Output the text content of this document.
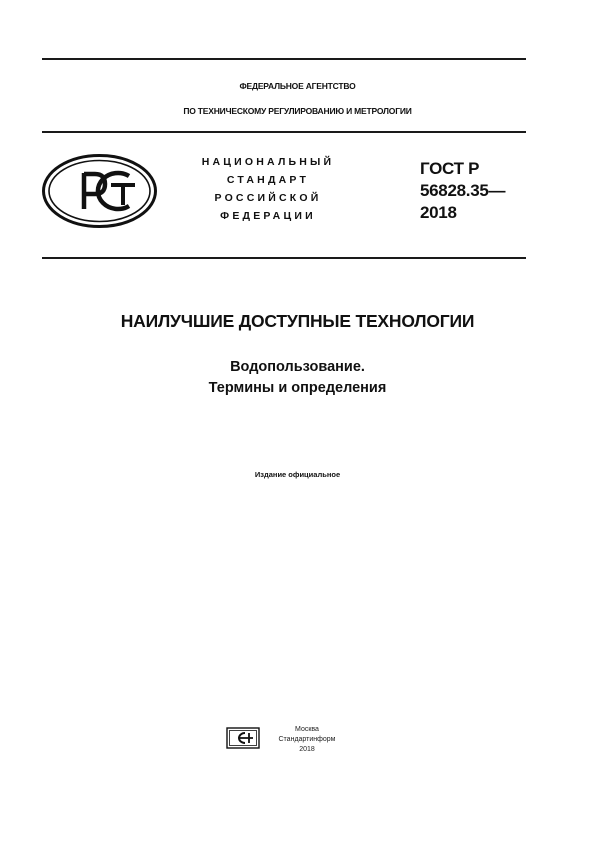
ФЕДЕРАЛЬНОЕ АГЕНТСТВО
ПО ТЕХНИЧЕСКОМУ РЕГУЛИРОВАНИЮ И МЕТРОЛОГИИ
НАЦИОНАЛЬНЫЙ
СТАНДАРТ
РОССИЙСКОЙ
ФЕДЕРАЦИИ
ГОСТ Р
56828.35—
2018
НАИЛУЧШИЕ ДОСТУПНЫЕ ТЕХНОЛОГИИ
Водопользование.
Термины и определения
Издание официальное
Москва
Стандартинформ
2018
